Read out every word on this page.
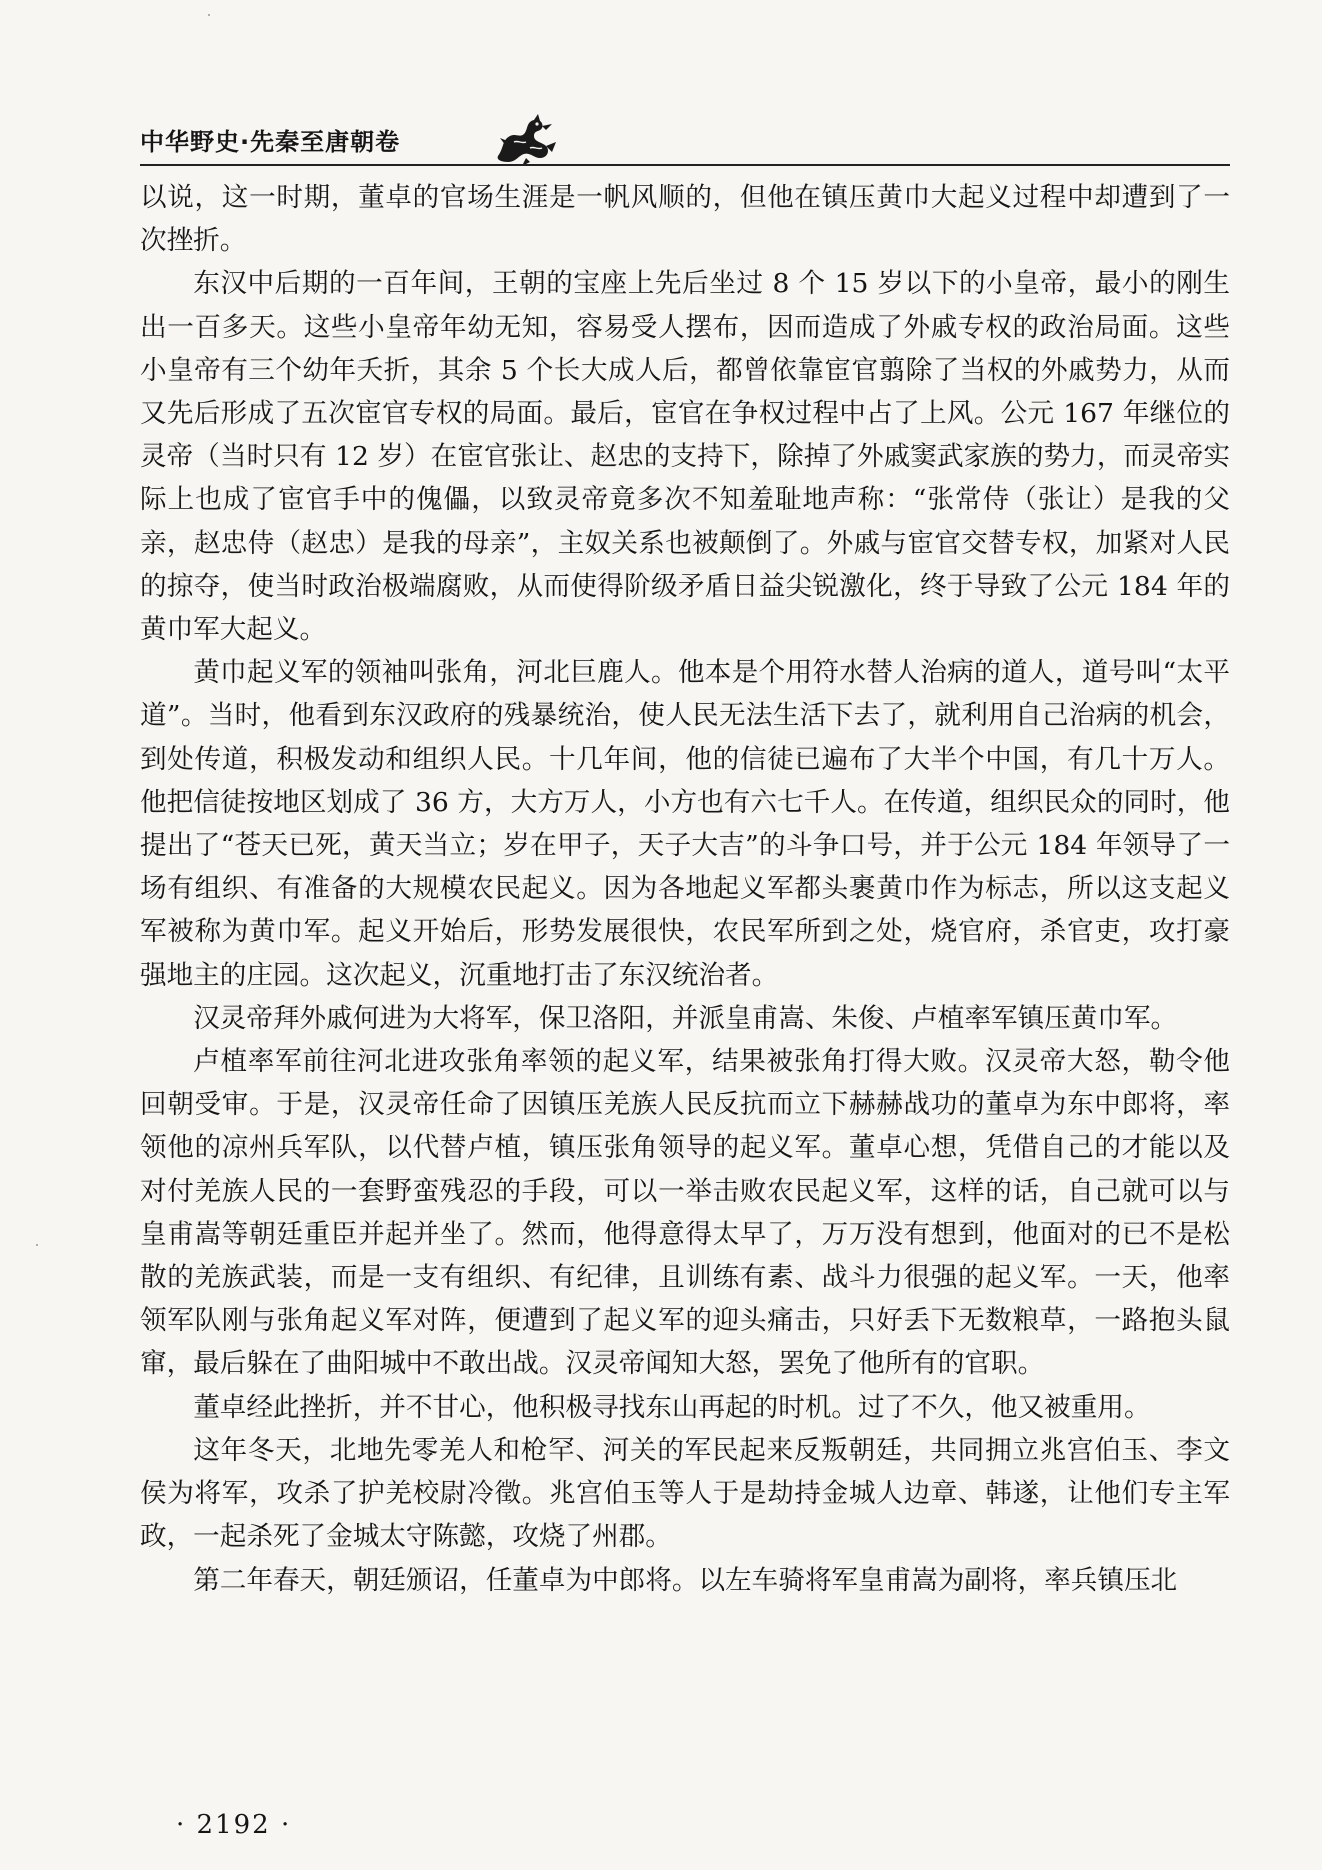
中华野史·先秦至唐朝卷

以说，这一时期，董卓的官场生涯是一帆风顺的，但他在镇压黄巾大起义过程中却遭到了一次挫折。

东汉中后期的一百年间，王朝的宝座上先后坐过 8 个 15 岁以下的小皇帝，最小的刚生出一百多天。这些小皇帝年幼无知，容易受人摆布，因而造成了外戚专权的政治局面。这些小皇帝有三个幼年夭折，其余 5 个长大成人后，都曾依靠宦官翦除了当权的外戚势力，从而又先后形成了五次宦官专权的局面。最后，宦官在争权过程中占了上风。公元 167 年继位的灵帝（当时只有 12 岁）在宦官张让、赵忠的支持下，除掉了外戚窦武家族的势力，而灵帝实际上也成了宦官手中的傀儡，以致灵帝竟多次不知羞耻地声称：“张常侍（张让）是我的父亲，赵忠侍（赵忠）是我的母亲”，主奴关系也被颠倒了。外戚与宦官交替专权，加紧对人民的掠夺，使当时政治极端腐败，从而使得阶级矛盾日益尖锐激化，终于导致了公元 184 年的黄巾军大起义。

黄巾起义军的领袖叫张角，河北巨鹿人。他本是个用符水替人治病的道人，道号叫“太平道”。当时，他看到东汉政府的残暴统治，使人民无法生活下去了，就利用自己治病的机会，到处传道，积极发动和组织人民。十几年间，他的信徒已遍布了大半个中国，有几十万人。他把信徒按地区划成了 36 方，大方万人，小方也有六七千人。在传道，组织民众的同时，他提出了“苍天已死，黄天当立；岁在甲子，天子大吉”的斗争口号，并于公元 184 年领导了一场有组织、有准备的大规模农民起义。因为各地起义军都头裹黄巾作为标志，所以这支起义军被称为黄巾军。起义开始后，形势发展很快，农民军所到之处，烧官府，杀官吏，攻打豪强地主的庄园。这次起义，沉重地打击了东汉统治者。

汉灵帝拜外戚何进为大将军，保卫洛阳，并派皇甫嵩、朱俊、卢植率军镇压黄巾军。

卢植率军前往河北进攻张角率领的起义军，结果被张角打得大败。汉灵帝大怒，勒令他回朝受审。于是，汉灵帝任命了因镇压羌族人民反抗而立下赫赫战功的董卓为东中郎将，率领他的凉州兵军队，以代替卢植，镇压张角领导的起义军。董卓心想，凭借自己的才能以及对付羌族人民的一套野蛮残忍的手段，可以一举击败农民起义军，这样的话，自己就可以与皇甫嵩等朝廷重臣并起并坐了。然而，他得意得太早了，万万没有想到，他面对的已不是松散的羌族武装，而是一支有组织、有纪律，且训练有素、战斗力很强的起义军。一天，他率领军队刚与张角起义军对阵，便遭到了起义军的迎头痛击，只好丢下无数粮草，一路抱头鼠窜，最后躲在了曲阳城中不敢出战。汉灵帝闻知大怒，罢免了他所有的官职。

董卓经此挫折，并不甘心，他积极寻找东山再起的时机。过了不久，他又被重用。

这年冬天，北地先零羌人和枪罕、河关的军民起来反叛朝廷，共同拥立兆宫伯玉、李文侯为将军，攻杀了护羌校尉冷徵。兆宫伯玉等人于是劫持金城人边章、韩遂，让他们专主军政，一起杀死了金城太守陈懿，攻烧了州郡。

第二年春天，朝廷颁诏，任董卓为中郎将。以左车骑将军皇甫嵩为副将，率兵镇压北

· 2192 ·
